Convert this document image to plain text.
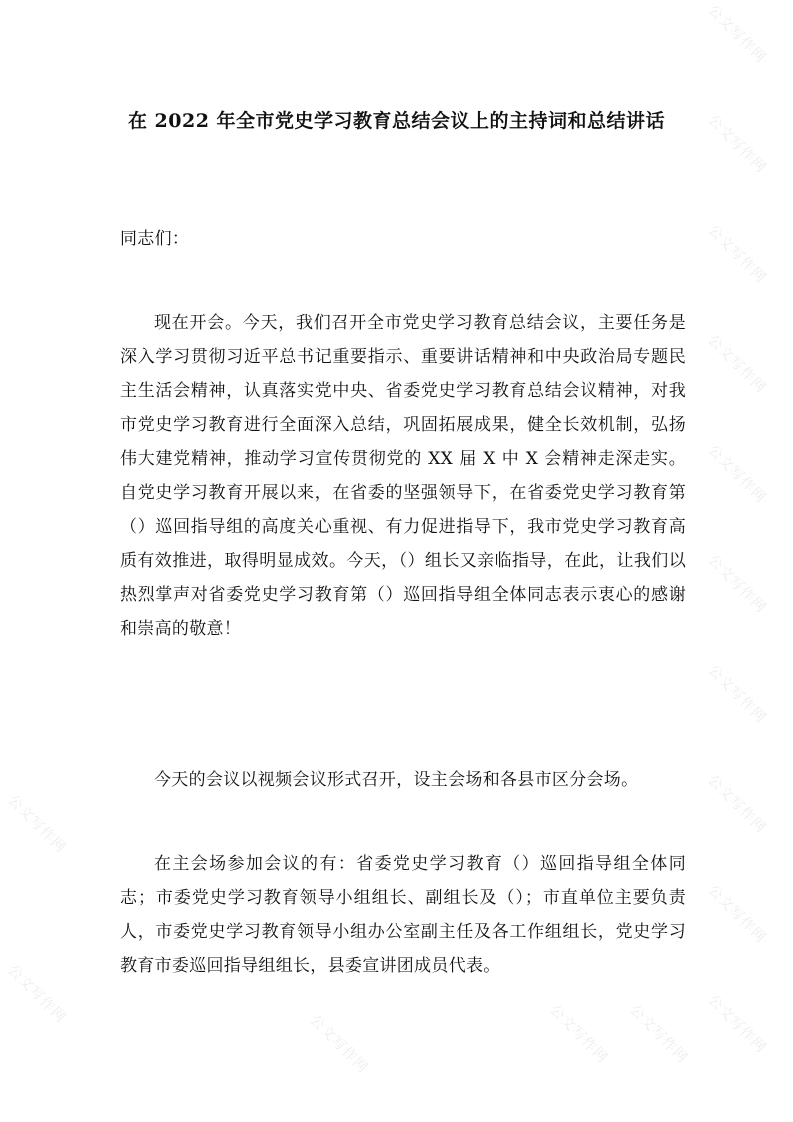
公文写作网
公文写作网
公文写作网
公文写作网
公文写作网
公文写作网
公文写作网
公文写作网
公文写作网
公文写作网
公文写作网
公文写作网
公文写作网 公文写作网
公文写作网
在 2022 年全市党史学习教育总结会议上的主持词和总结讲话

同志们：

现在开会。今天，我们召开全市党史学习教育总结会议，主要任务是深入学习贯彻习近平总书记重要指示、重要讲话精神和中央政治局专题民主生活会精神，认真落实党中央、省委党史学习教育总结会议精神，对我市党史学习教育进行全面深入总结，巩固拓展成果，健全长效机制，弘扬伟大建党精神，推动学习宣传贯彻党的 XX 届 X 中 X 会精神走深走实。自党史学习教育开展以来，在省委的坚强领导下，在省委党史学习教育第（）巡回指导组的高度关心重视、有力促进指导下，我市党史学习教育高质有效推进，取得明显成效。今天，（）组长又亲临指导，在此，让我们以热烈掌声对省委党史学习教育第（）巡回指导组全体同志表示衷心的感谢和崇高的敬意！

今天的会议以视频会议形式召开，设主会场和各县市区分会场。

在主会场参加会议的有：省委党史学习教育（）巡回指导组全体同志；市委党史学习教育领导小组组长、副组长及（）；市直单位主要负责人，市委党史学习教育领导小组办公室副主任及各工作组组长，党史学习教育市委巡回指导组组长，县委宣讲团成员代表。
